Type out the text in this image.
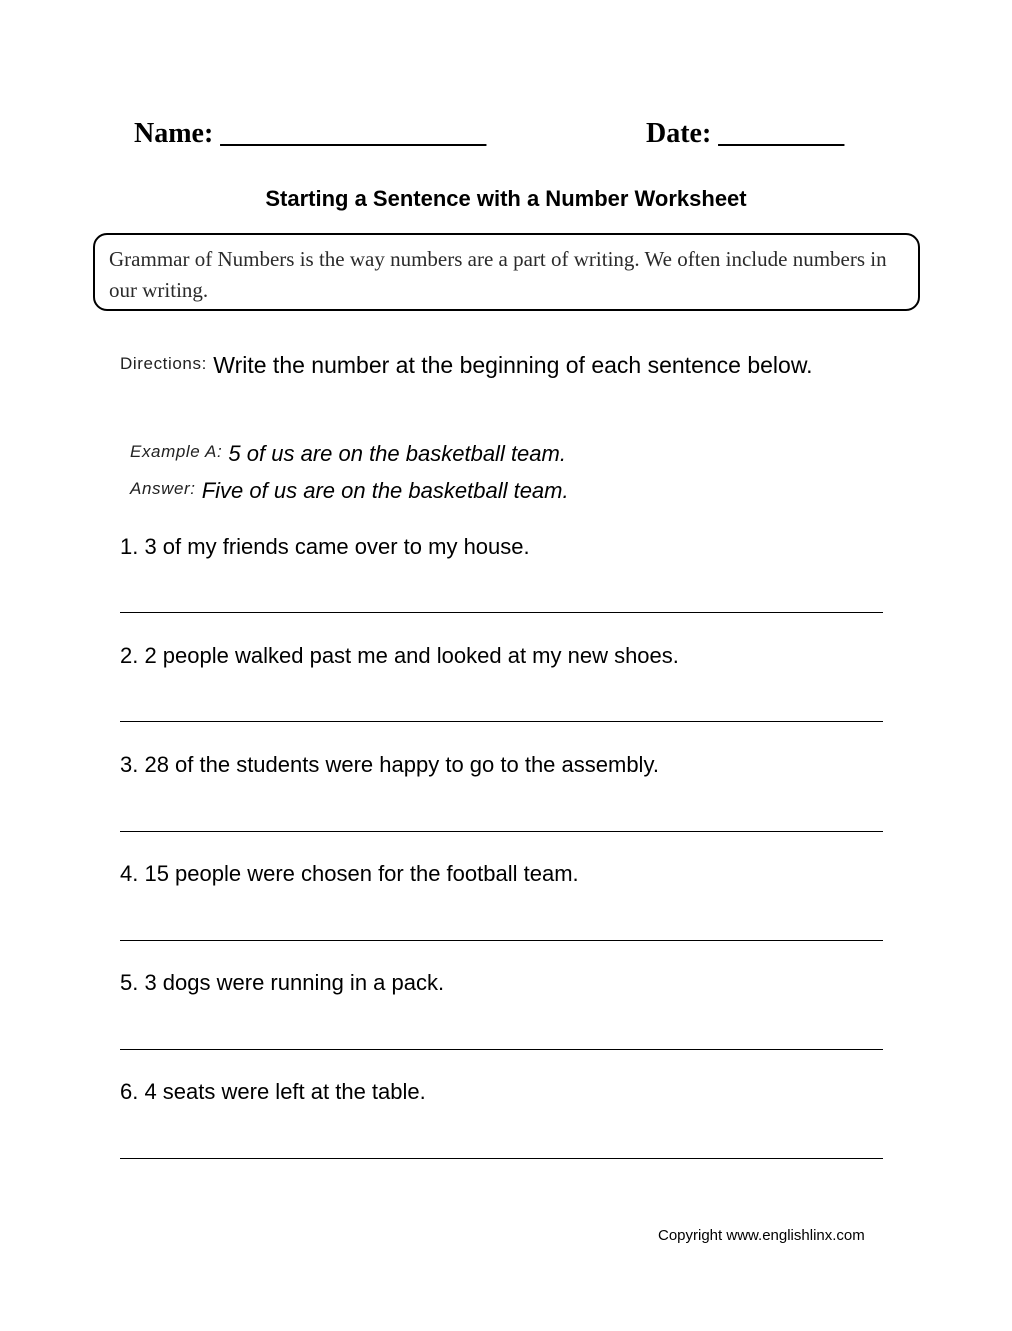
Name: ___________________	Date: _________
Starting a Sentence with a Number Worksheet
Grammar of Numbers is the way numbers are a part of writing. We often include numbers in our writing.
Directions: Write the number at the beginning of each sentence below.
Example A: 5 of us are on the basketball team.
Answer: Five of us are on the basketball team.
1. 3 of my friends came over to my house.
2. 2 people walked past me and looked at my new shoes.
3. 28 of the students were happy to go to the assembly.
4. 15 people were chosen for the football team.
5. 3 dogs were running in a pack.
6. 4 seats were left at the table.
Copyright www.englishlinx.com
